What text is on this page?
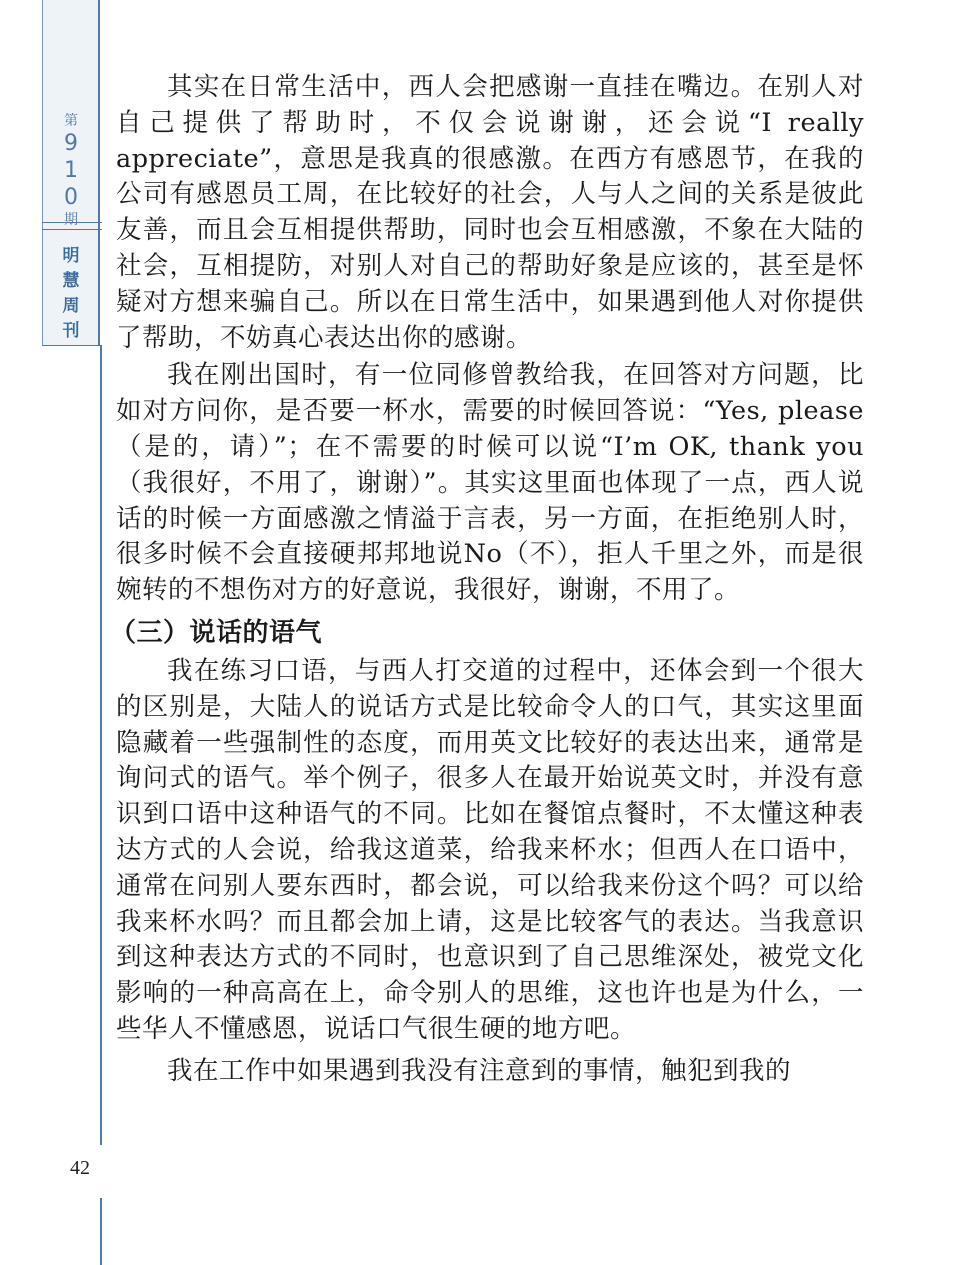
第
9
1
0
期
明
慧
周
刊
42

其实在日常生活中，西人会把感谢一直挂在嘴边。在别人对自己提供了帮助时，不仅会说谢谢，还会说“I really appreciate”，意思是我真的很感激。在西方有感恩节，在我的公司有感恩员工周，在比较好的社会，人与人之间的关系是彼此友善，而且会互相提供帮助，同时也会互相感激，不象在大陆的社会，互相提防，对别人对自己的帮助好象是应该的，甚至是怀疑对方想来骗自己。所以在日常生活中，如果遇到他人对你提供了帮助，不妨真心表达出你的感谢。

我在刚出国时，有一位同修曾教给我，在回答对方问题，比如对方问你，是否要一杯水，需要的时候回答说：“Yes, please（是的，请）”；在不需要的时候可以说“I’m OK, thank you（我很好，不用了，谢谢）”。其实这里面也体现了一点，西人说话的时候一方面感激之情溢于言表，另一方面，在拒绝别人时，很多时候不会直接硬邦邦地说No（不），拒人千里之外，而是很婉转的不想伤对方的好意说，我很好，谢谢，不用了。

（三）说话的语气

我在练习口语，与西人打交道的过程中，还体会到一个很大的区别是，大陆人的说话方式是比较命令人的口气，其实这里面隐藏着一些强制性的态度，而用英文比较好的表达出来，通常是询问式的语气。举个例子，很多人在最开始说英文时，并没有意识到口语中这种语气的不同。比如在餐馆点餐时，不太懂这种表达方式的人会说，给我这道菜，给我来杯水；但西人在口语中，通常在问别人要东西时，都会说，可以给我来份这个吗？可以给我来杯水吗？而且都会加上请，这是比较客气的表达。当我意识到这种表达方式的不同时，也意识到了自己思维深处，被党文化影响的一种高高在上，命令别人的思维，这也许也是为什么，一些华人不懂感恩，说话口气很生硬的地方吧。

我在工作中如果遇到我没有注意到的事情，触犯到我的
